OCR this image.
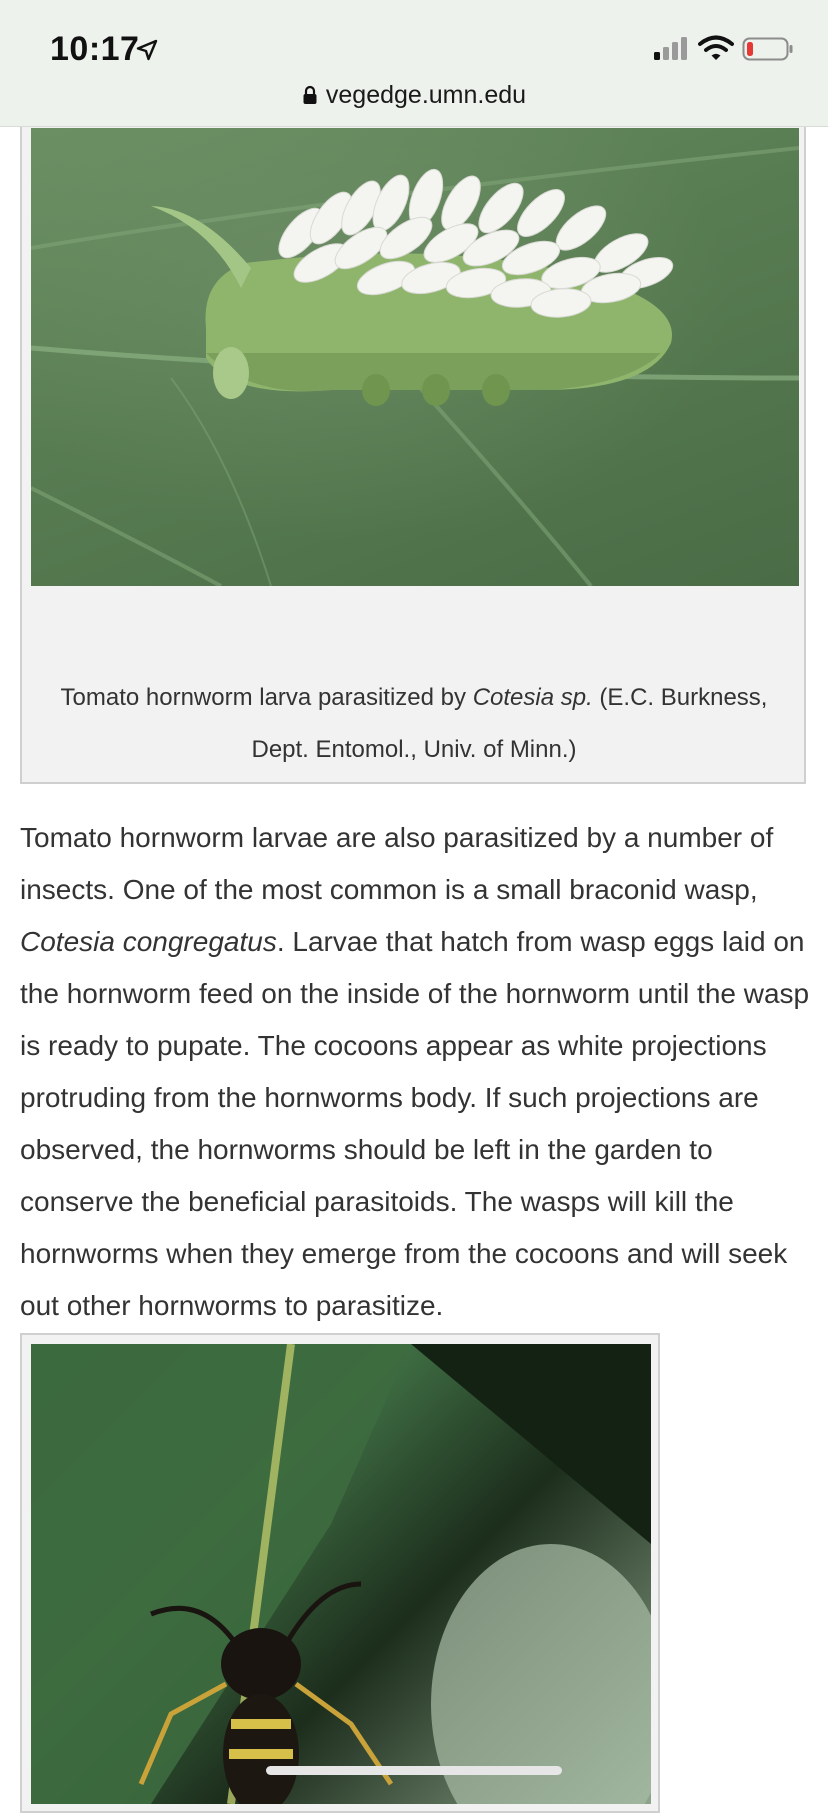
10:17
vegedge.umn.edu
Tomato hornworm larva parasitized by Cotesia sp. (E.C. Burkness, Dept. Entomol., Univ. of Minn.)

Tomato hornworm larvae are also parasitized by a number of insects. One of the most common is a small braconid wasp, Cotesia congregatus. Larvae that hatch from wasp eggs laid on the hornworm feed on the inside of the hornworm until the wasp is ready to pupate. The cocoons appear as white projections protruding from the hornworms body. If such projections are observed, the hornworms should be left in the garden to conserve the beneficial parasitoids. The wasps will kill the hornworms when they emerge from the cocoons and will seek out other hornworms to parasitize.
